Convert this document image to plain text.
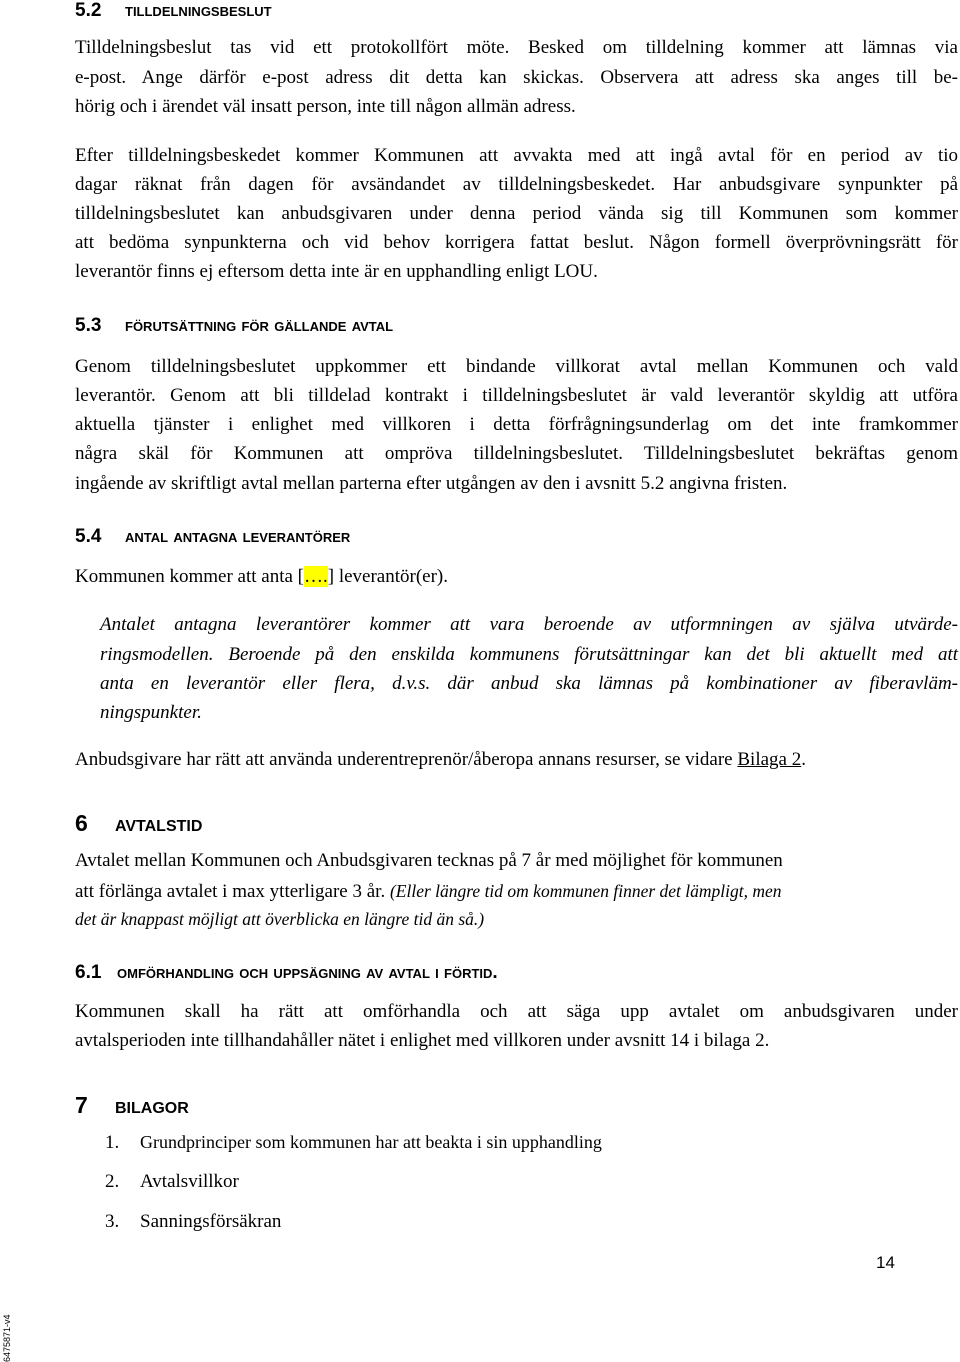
5.2 tilldelningsbeslut
Tilldelningsbeslut tas vid ett protokollfört möte. Besked om tilldelning kommer att lämnas via
e-post. Ange därför e-post adress dit detta kan skickas. Observera att adress ska anges till be-
hörig och i ärendet väl insatt person, inte till någon allmän adress.
Efter tilldelningsbeskedet kommer Kommunen att avvakta med att ingå avtal för en period av tio
dagar räknat från dagen för avsändandet av tilldelningsbeskedet. Har anbudsgivare synpunkter på
tilldelningsbeslutet kan anbudsgivaren under denna period vända sig till Kommunen som kommer
att bedöma synpunkterna och vid behov korrigera fattat beslut. Någon formell överprövningsrätt för
leverantör finns ej eftersom detta inte är en upphandling enligt LOU.
5.3 förutsättning för gällande avtal
Genom tilldelningsbeslutet uppkommer ett bindande villkorat avtal mellan Kommunen och vald
leverantör. Genom att bli tilldelad kontrakt i tilldelningsbeslutet är vald leverantör skyldig att utföra
aktuella tjänster i enlighet med villkoren i detta förfrågningsunderlag om det inte framkommer
några skäl för Kommunen att ompröva tilldelningsbeslutet. Tilldelningsbeslutet bekräftas genom
ingående av skriftligt avtal mellan parterna efter utgången av den i avsnitt 5.2 angivna fristen.
5.4 antal antagna leverantörer
Kommunen kommer att anta [….] leverantör(er).
Antalet antagna leverantörer kommer att vara beroende av utformningen av själva utvärde-
ringsmodellen. Beroende på den enskilda kommunens förutsättningar kan det bli aktuellt med att
anta en leverantör eller flera, d.v.s. där anbud ska lämnas på kombinationer av fiberavläm-
ningspunkter.
Anbudsgivare har rätt att använda underentreprenör/åberopa annans resurser, se vidare Bilaga 2.
6 avtalstid
Avtalet mellan Kommunen och Anbudsgivaren tecknas på 7 år med möjlighet för kommunen
att förlänga avtalet i max ytterligare 3 år. (Eller längre tid om kommunen finner det lämpligt, men
det är knappast möjligt att överblicka en längre tid än så.)
6.1 omförhandling och uppsägning av avtal i förtid.
Kommunen skall ha rätt att omförhandla och att säga upp avtalet om anbudsgivaren under
avtalsperioden inte tillhandahåller nätet i enlighet med villkoren under avsnitt 14 i bilaga 2.
7 bilagor
1. Grundprinciper som kommunen har att beakta i sin upphandling
2. Avtalsvillkor
3. Sanningsförsäkran
14
6475871-v4
